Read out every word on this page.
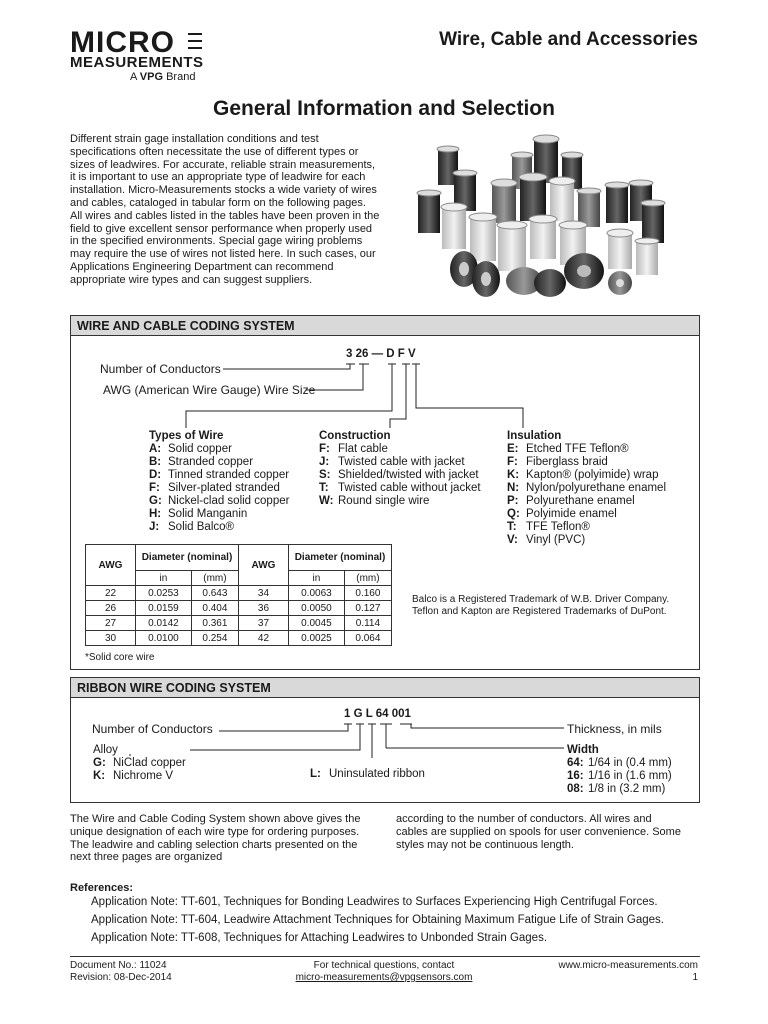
MICRO
MEASUREMENTS
A VPG Brand
Wire, Cable and Accessories
General Information and Selection
Different strain gage installation conditions and test specifications often necessitate the use of different types or sizes of leadwires. For accurate, reliable strain measurements, it is important to use an appropriate type of leadwire for each installation. Micro-Measurements stocks a wide variety of wires and cables, cataloged in tabular form on the following pages. All wires and cables listed in the tables have been proven in the field to give excellent sensor performance when properly used in the specified environments. Special gage wiring problems may require the use of wires not listed here. In such cases, our Applications Engineering Department can recommend appropriate wire types and can suggest suppliers.
WIRE AND CABLE CODING SYSTEM
3 26 — D F V
Number of Conductors
AWG (American Wire Gauge) Wire Size
Types of Wire
A: Solid copper
B: Stranded copper
D: Tinned stranded copper
F: Silver-plated stranded
G: Nickel-clad solid copper
H: Solid Manganin
J: Solid Balco®
Construction
F: Flat cable
J: Twisted cable with jacket
S: Shielded/twisted with jacket
T: Twisted cable without jacket
W: Round single wire
Insulation
E: Etched TFE Teflon®
F: Fiberglass braid
K: Kapton® (polyimide) wrap
N: Nylon/polyurethane enamel
P: Polyurethane enamel
Q: Polyimide enamel
T: TFE Teflon®
V: Vinyl (PVC)
AWG	Diameter (nominal)		AWG	Diameter (nominal)	
	in	(mm)		in	(mm)
22	0.0253	0.643	34	0.0063	0.160
26	0.0159	0.404	36	0.0050	0.127
27	0.0142	0.361	37	0.0045	0.114
30	0.0100	0.254	42	0.0025	0.064
*Solid core wire
Balco is a Registered Trademark of W.B. Driver Company.
Teflon and Kapton are Registered Trademarks of DuPont.
RIBBON WIRE CODING SYSTEM
1 G L 64 001
Number of Conductors	Thickness, in mils
Alloy
G: NiClad copper
K: Nichrome V	L: Uninsulated ribbon
Width
64: 1/64 in (0.4 mm)
16: 1/16 in (1.6 mm)
08: 1/8 in (3.2 mm)
The Wire and Cable Coding System shown above gives the unique designation of each wire type for ordering purposes. The leadwire and cabling selection charts presented on the next three pages are organized
according to the number of conductors. All wires and cables are supplied on spools for user convenience. Some styles may not be continuous length.
References:
Application Note: TT-601, Techniques for Bonding Leadwires to Surfaces Experiencing High Centrifugal Forces.
Application Note: TT-604, Leadwire Attachment Techniques for Obtaining Maximum Fatigue Life of Strain Gages.
Application Note: TT-608, Techniques for Attaching Leadwires to Unbonded Strain Gages.
Document No.: 11024
Revision: 08-Dec-2014
For technical questions, contact
micro-measurements@vpgsensors.com
www.micro-measurements.com
1
